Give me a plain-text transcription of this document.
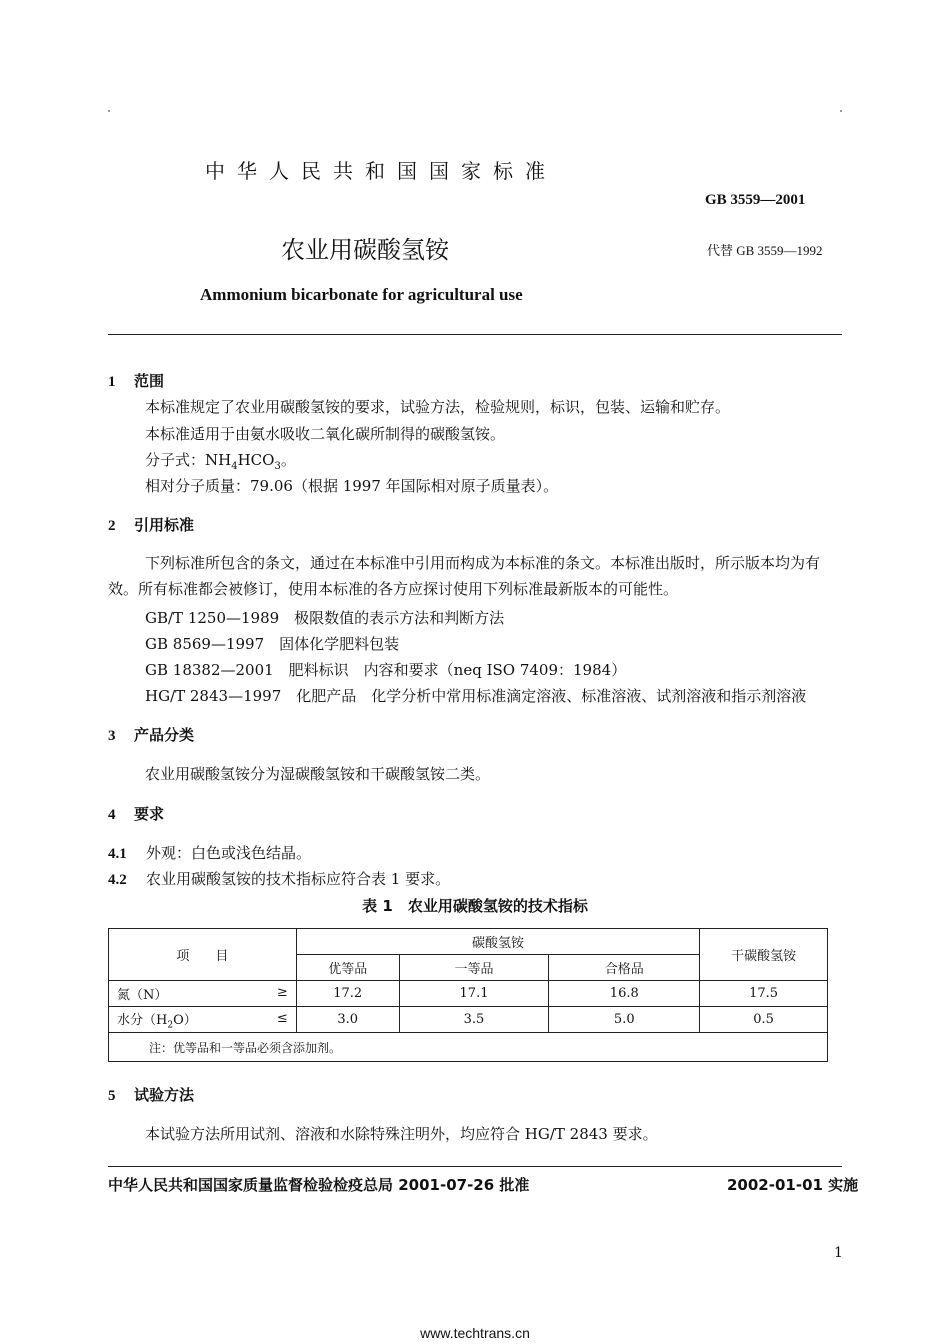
中华人民共和国国家标准
GB 3559—2001
农业用碳酸氢铵	代替 GB 3559—1992
Ammonium bicarbonate for agricultural use
1 范围
本标准规定了农业用碳酸氢铵的要求，试验方法，检验规则，标识，包装、运输和贮存。
本标准适用于由氨水吸收二氧化碳所制得的碳酸氢铵。
分子式：$NH_4HCO_3$。
相对分子质量：79.06（根据 1997 年国际相对原子质量表）。
2 引用标准
下列标准所包含的条文，通过在本标准中引用而构成为本标准的条文。本标准出版时，所示版本均为有效。所有标准都会被修订，使用本标准的各方应探讨使用下列标准最新版本的可能性。
GB/T 1250—1989　极限数值的表示方法和判断方法
GB 8569—1997　固体化学肥料包装
GB 18382—2001　肥料标识　内容和要求（neq ISO 7409：1984）
HG/T 2843—1997　化肥产品　化学分析中常用标准滴定溶液、标准溶液、试剂溶液和指示剂溶液
3 产品分类
农业用碳酸氢铵分为湿碳酸氢铵和干碳酸氢铵二类。
4 要求
4.1 外观：白色或浅色结晶。
4.2 农业用碳酸氢铵的技术指标应符合表 1 要求。
表 1　农业用碳酸氢铵的技术指标
项　　目	碳酸氢铵			干碳酸氢铵
	优等品	一等品	合格品	
氮（N） ≥	17.2	17.1	16.8	17.5
水分$(H_2O)$ ≤	3.0	3.5	5.0	0.5
注：优等品和一等品必须含添加剂。				
5 试验方法
本试验方法所用试剂、溶液和水除特殊注明外，均应符合 HG/T 2843 要求。
中华人民共和国国家质量监督检验检疫总局 2001-07-26 批准	2002-01-01 实施
1
www.techtrans.cn
